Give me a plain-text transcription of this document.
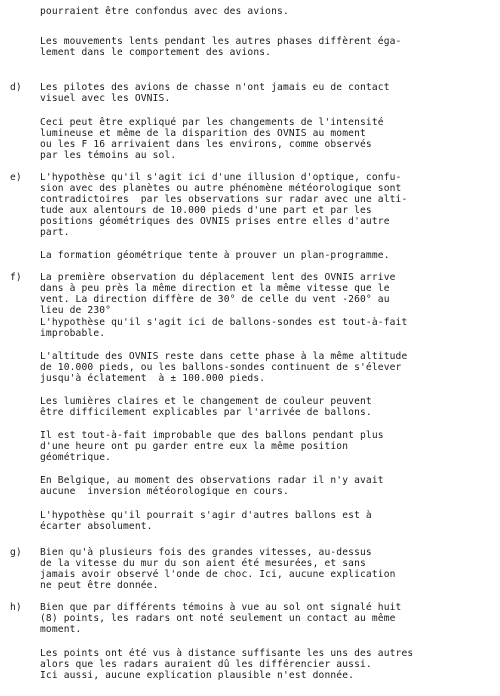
pourraient être confondus avec des avions.
Les mouvements lents pendant les autres phases diffèrent éga-
lement dans le comportement des avions.
d) Les pilotes des avions de chasse n'ont jamais eu de contact
visuel avec les OVNIS.
Ceci peut être expliqué par les changements de l'intensité
lumineuse et même de la disparition des OVNIS au moment
ou les F 16 arrivaient dans les environs, comme observés
par les témoins au sol.
e) L'hypothèse qu'il s'agit ici d'une illusion d'optique, confu-
sion avec des planètes ou autre phénomène météorologique sont
contradictoires  par les observations sur radar avec une alti-
tude aux alentours de 10.000 pieds d'une part et par les
positions géométriques des OVNIS prises entre elles d'autre
part.
La formation géométrique tente à prouver un plan-programme.
f) La première observation du déplacement lent des OVNIS arrive
dans à peu près la même direction et la même vitesse que le
vent. La direction diffère de 30° de celle du vent -260° au
lieu de 230°
L'hypothèse qu'il s'agit ici de ballons-sondes est tout-à-fait
improbable.
L'altitude des OVNIS reste dans cette phase à la même altitude
de 10.000 pieds, ou les ballons-sondes continuent de s'élever
jusqu'à éclatement  à ± 100.000 pieds.
Les lumières claires et le changement de couleur peuvent
être difficilement explicables par l'arrivée de ballons.
Il est tout-à-fait improbable que des ballons pendant plus
d'une heure ont pu garder entre eux la même position
géométrique.
En Belgique, au moment des observations radar il n'y avait
aucune  inversion météorologique en cours.
L'hypothèse qu'il pourrait s'agir d'autres ballons est à
écarter absolument.
g) Bien qu'à plusieurs fois des grandes vitesses, au-dessus
de la vitesse du mur du son aient été mesurées, et sans
jamais avoir observé l'onde de choc. Ici, aucune explication
ne peut être donnée.
h) Bien que par différents témoins à vue au sol ont signalé huit
(8) points, les radars ont noté seulement un contact au même
moment.
Les points ont été vus à distance suffisante les uns des autres
alors que les radars auraient dû les différencier aussi.
Ici aussi, aucune explication plausible n'est donnée.
